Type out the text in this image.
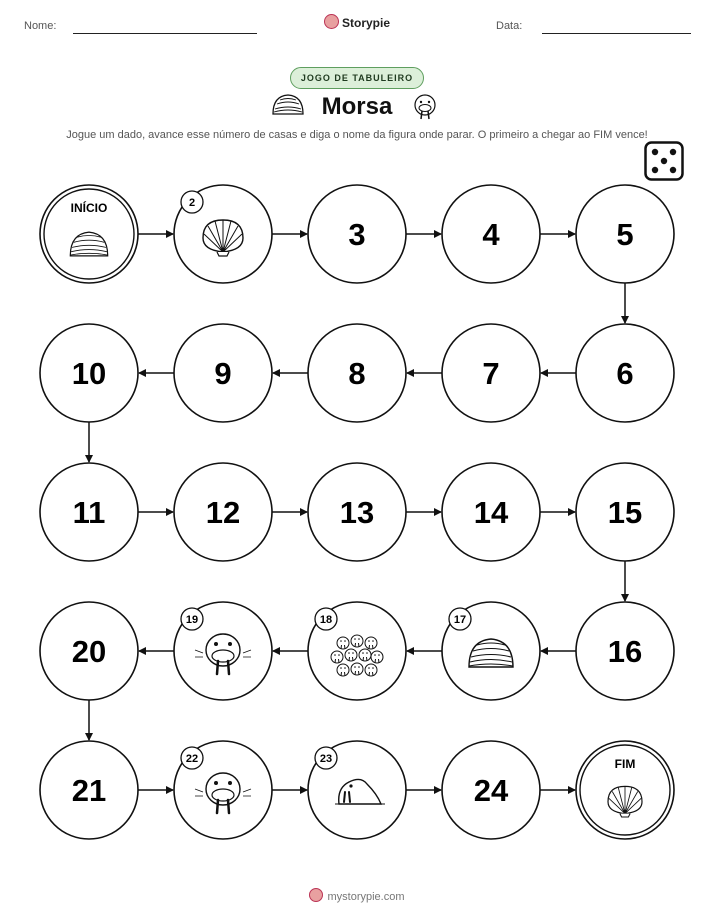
Nome:	Storypie	Data:
JOGO DE TABULEIRO
Morsa
Jogue um dado, avance esse número de casas e diga o nome da figura onde parar. O primeiro a chegar ao FIM vence!
INÍCIO	2
3	4	5
6
7
8
9
10
11	12	13	14	15
16
17
18
19
20
21
22	23
24
FIM
mystorypie.com
